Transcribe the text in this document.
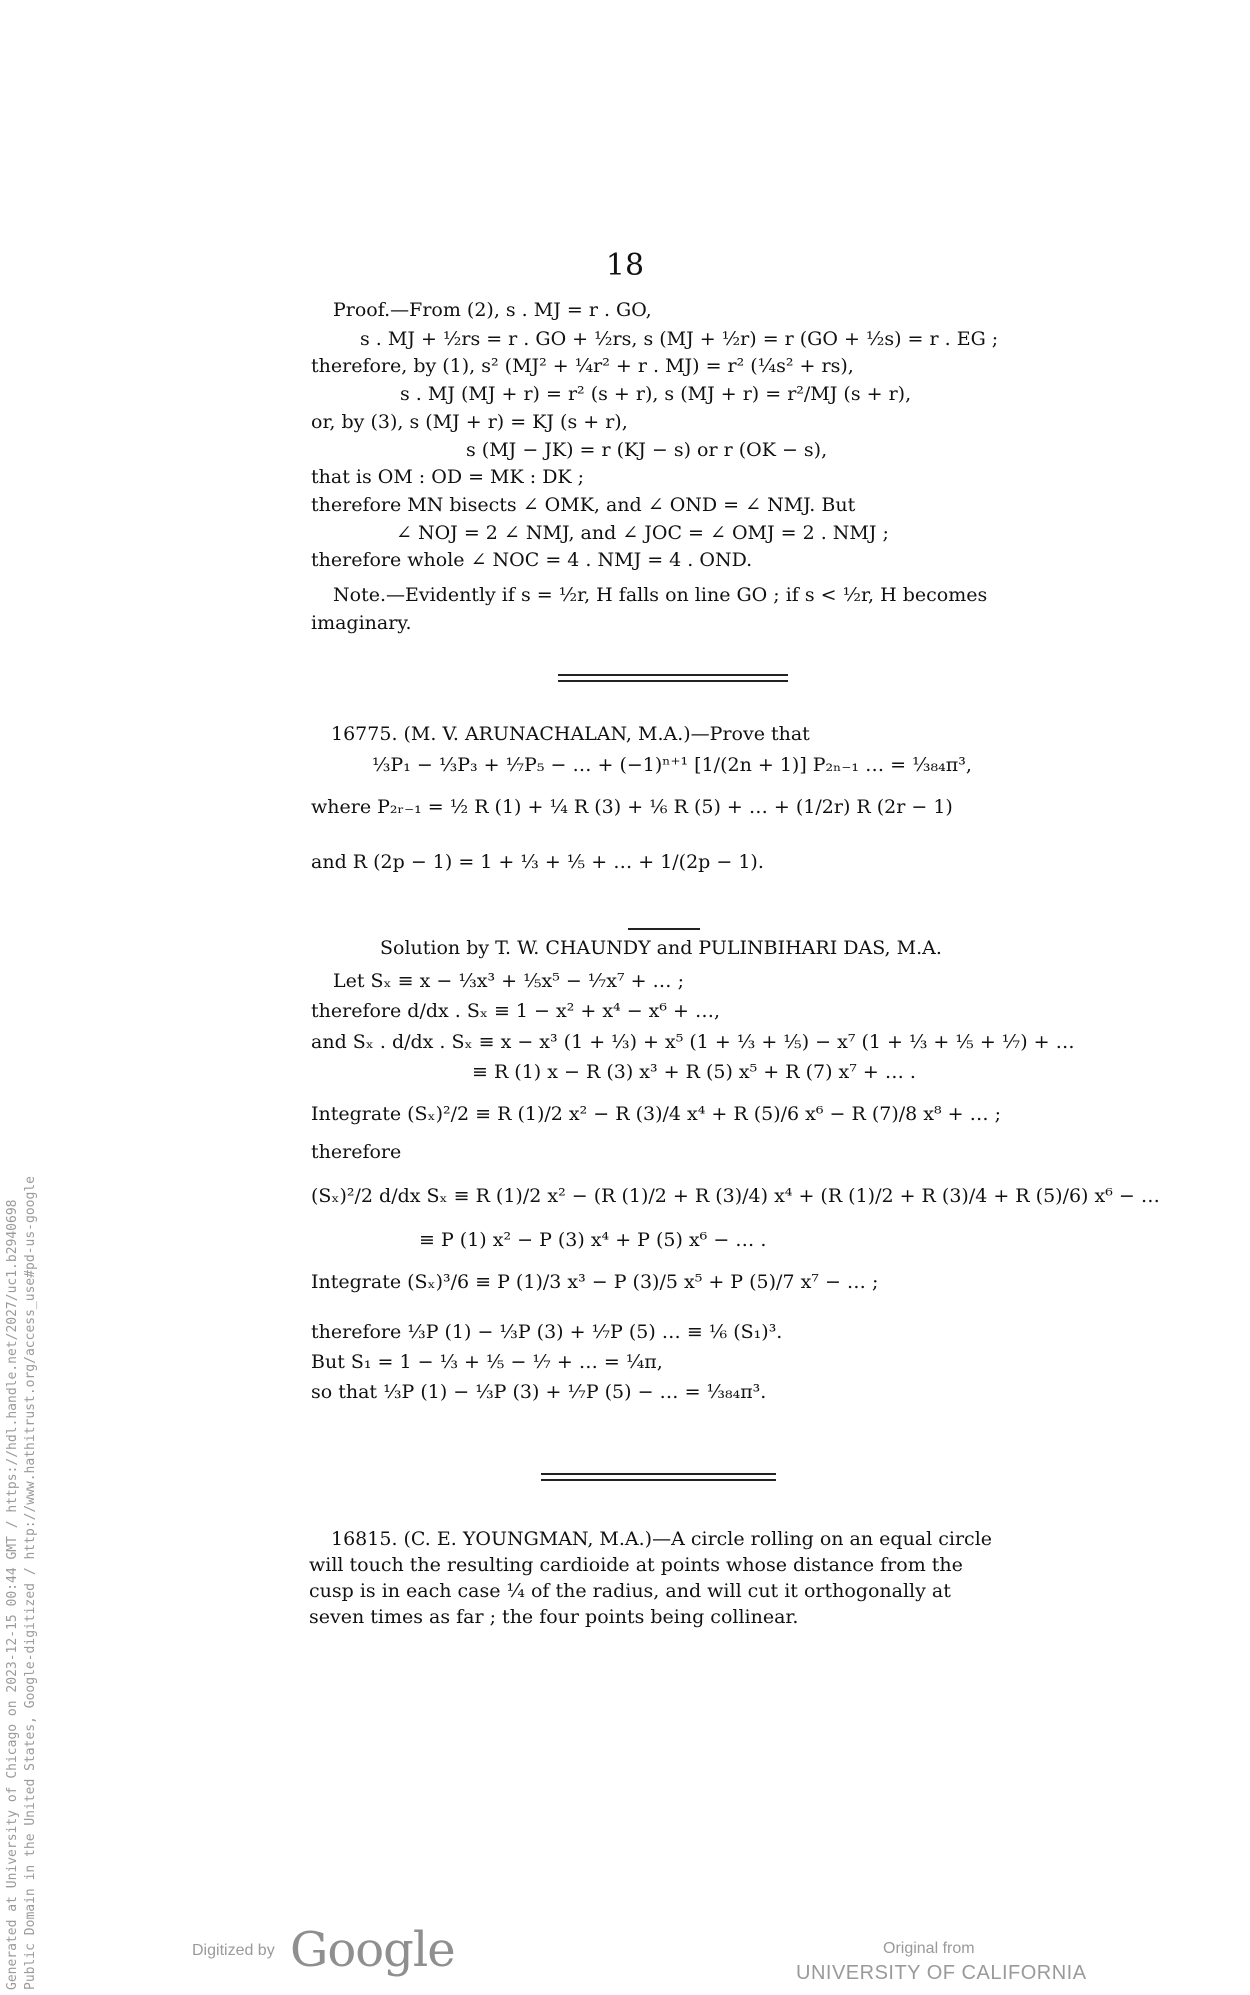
18
Proof.—From (2), s . MJ = r . GO,
s . MJ + ½rs = r . GO + ½rs, s (MJ + ½r) = r (GO + ½s) = r . EG ;
therefore, by (1), s² (MJ² + ¼r² + r . MJ) = r² (¼s² + rs),
s . MJ (MJ + r) = r² (s + r), s (MJ + r) = r²/MJ (s + r),
or, by (3), s (MJ + r) = KJ (s + r),
s (MJ − JK) = r (KJ − s) or r (OK − s),
that is OM : OD = MK : DK ;
therefore MN bisects ∠ OMK, and ∠ OND = ∠ NMJ. But
∠ NOJ = 2 ∠ NMJ, and ∠ JOC = ∠ OMJ = 2 . NMJ ;
therefore whole ∠ NOC = 4 . NMJ = 4 . OND.
Note.—Evidently if s = ½r, H falls on line GO ; if s < ½r, H becomes
imaginary.
16775. (M. V. ARUNACHALAN, M.A.)—Prove that
⅓P₁ − ⅓P₃ + ⅐P₅ − … + (−1)ⁿ⁺¹ [1/(2n + 1)] P₂ₙ₋₁ … = ¹⁄₃₈₄π³,
where P₂ᵣ₋₁ = ½ R (1) + ¼ R (3) + ⅙ R (5) + … + (1/2r) R (2r − 1)
and R (2p − 1) = 1 + ⅓ + ⅕ + … + 1/(2p − 1).
Solution by T. W. CHAUNDY and PULINBIHARI DAS, M.A.
Let Sₓ ≡ x − ⅓x³ + ⅕x⁵ − ⅐x⁷ + … ;
therefore d/dx . Sₓ ≡ 1 − x² + x⁴ − x⁶ + …,
and Sₓ . d/dx . Sₓ ≡ x − x³ (1 + ⅓) + x⁵ (1 + ⅓ + ⅕) − x⁷ (1 + ⅓ + ⅕ + ⅐) + …
≡ R (1) x − R (3) x³ + R (5) x⁵ + R (7) x⁷ + … .
Integrate (Sₓ)²/2 ≡ R (1)/2 x² − R (3)/4 x⁴ + R (5)/6 x⁶ − R (7)/8 x⁸ + … ;
therefore
(Sₓ)²/2 d/dx Sₓ ≡ R (1)/2 x² − (R (1)/2 + R (3)/4) x⁴ + (R (1)/2 + R (3)/4 + R (5)/6) x⁶ − …
≡ P (1) x² − P (3) x⁴ + P (5) x⁶ − … .
Integrate (Sₓ)³/6 ≡ P (1)/3 x³ − P (3)/5 x⁵ + P (5)/7 x⁷ − … ;
therefore ⅓P (1) − ⅓P (3) + ⅐P (5) … ≡ ⅙ (S₁)³.
But S₁ = 1 − ⅓ + ⅕ − ⅐ + … = ¼π,
so that ⅓P (1) − ⅓P (3) + ⅐P (5) − … = ¹⁄₃₈₄π³.
16815. (C. E. YOUNGMAN, M.A.)—A circle rolling on an equal circle
will touch the resulting cardioide at points whose distance from the
cusp is in each case ¼ of the radius, and will cut it orthogonally at
seven times as far ; the four points being collinear.
Generated at University of Chicago on 2023-12-15 00:44 GMT / https://hdl.handle.net/2027/uc1.b2940698 Public Domain in the United States, Google-digitized / http://www.hathitrust.org/access_use#pd-us-google	Digitized by Google	Original from
UNIVERSITY OF CALIFORNIA
